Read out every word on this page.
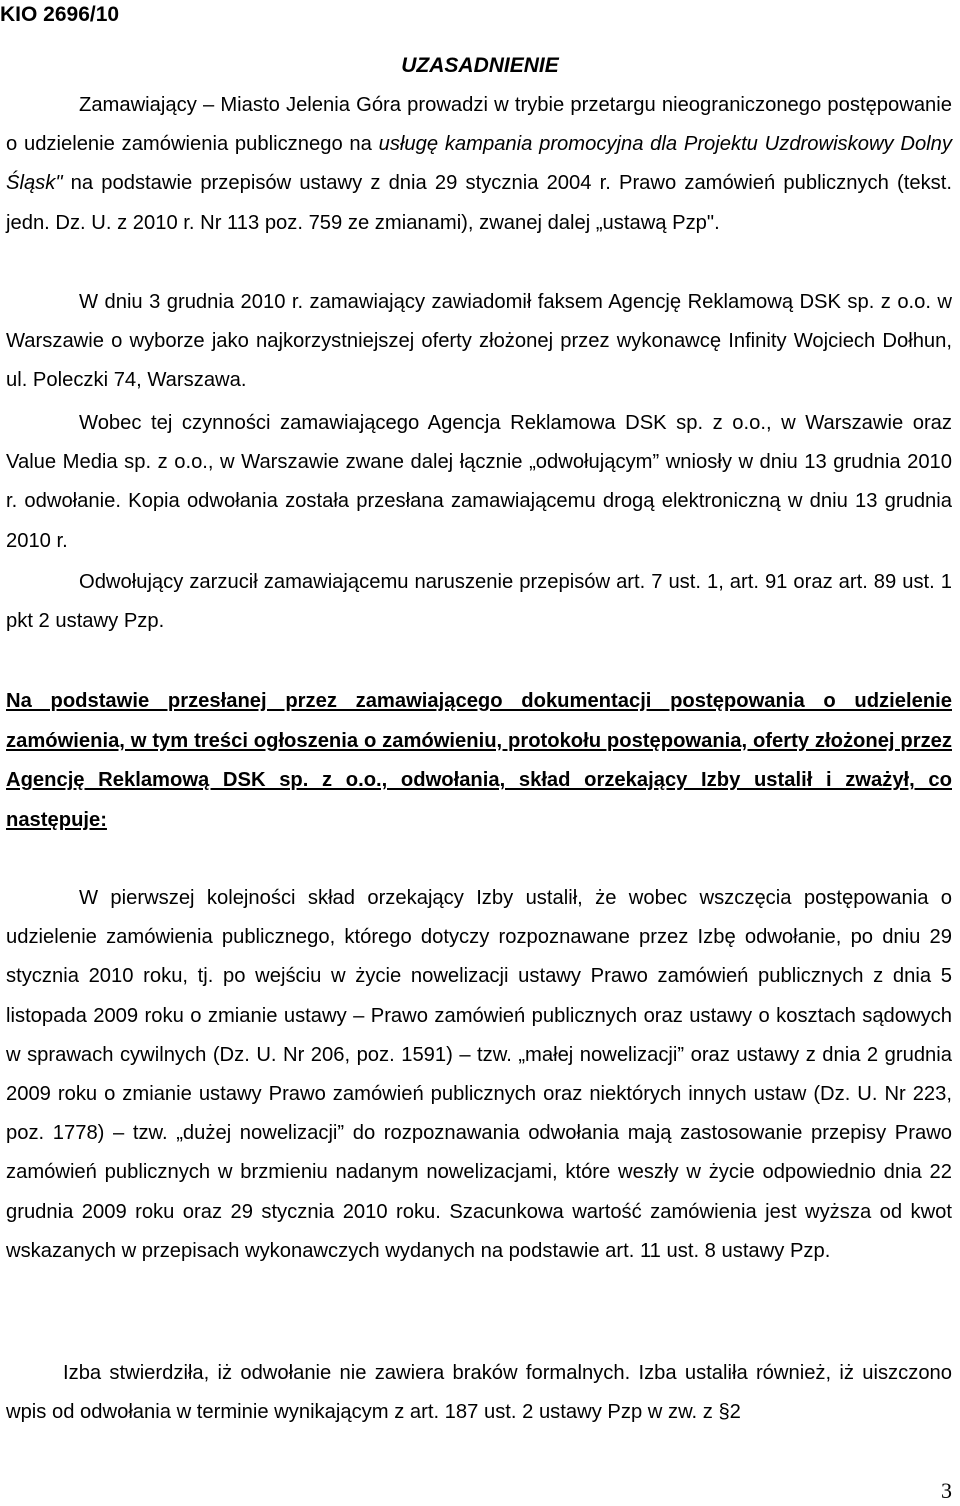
KIO 2696/10
UZASADNIENIE
Zamawiający – Miasto Jelenia Góra prowadzi w trybie przetargu nieograniczonego postępowanie o udzielenie zamówienia publicznego na usługę kampania promocyjna dla Projektu Uzdrowiskowy Dolny Śląsk" na podstawie przepisów ustawy z dnia 29 stycznia 2004 r. Prawo zamówień publicznych (tekst. jedn. Dz. U. z 2010 r. Nr 113 poz. 759 ze zmianami), zwanej dalej „ustawą Pzp".
W dniu 3 grudnia 2010 r. zamawiający zawiadomił faksem Agencję Reklamową DSK sp. z o.o. w Warszawie o wyborze jako najkorzystniejszej oferty złożonej przez wykonawcę Infinity Wojciech Dołhun, ul. Poleczki 74, Warszawa.
Wobec tej czynności zamawiającego Agencja Reklamowa DSK sp. z o.o., w Warszawie oraz Value Media sp. z o.o., w Warszawie zwane dalej łącznie „odwołującym” wniosły w dniu 13 grudnia 2010 r. odwołanie. Kopia odwołania została przesłana zamawiającemu drogą elektroniczną w dniu 13 grudnia 2010 r.
Odwołujący zarzucił zamawiającemu naruszenie przepisów art. 7 ust. 1, art. 91 oraz art. 89 ust. 1 pkt 2 ustawy Pzp.
Na podstawie przesłanej przez zamawiającego dokumentacji postępowania o udzielenie zamówienia, w tym treści ogłoszenia o zamówieniu, protokołu postępowania, oferty złożonej przez Agencję Reklamową DSK sp. z o.o., odwołania, skład orzekający Izby ustalił i zważył, co następuje:
W pierwszej kolejności skład orzekający Izby ustalił, że wobec wszczęcia postępowania o udzielenie zamówienia publicznego, którego dotyczy rozpoznawane przez Izbę odwołanie, po dniu 29 stycznia 2010 roku, tj. po wejściu w życie nowelizacji ustawy Prawo zamówień publicznych z dnia 5 listopada 2009 roku o zmianie ustawy – Prawo zamówień publicznych oraz ustawy o kosztach sądowych w sprawach cywilnych (Dz. U. Nr 206, poz. 1591) – tzw. „małej nowelizacji” oraz ustawy z dnia 2 grudnia 2009 roku o zmianie ustawy Prawo zamówień publicznych oraz niektórych innych ustaw (Dz. U. Nr 223, poz. 1778) – tzw. „dużej nowelizacji” do rozpoznawania odwołania mają zastosowanie przepisy Prawo zamówień publicznych w brzmieniu nadanym nowelizacjami, które weszły w życie odpowiednio dnia 22 grudnia 2009 roku oraz 29 stycznia 2010 roku. Szacunkowa wartość zamówienia jest wyższa od kwot wskazanych w przepisach wykonawczych wydanych na podstawie art. 11 ust. 8 ustawy Pzp.
Izba stwierdziła, iż odwołanie nie zawiera braków formalnych. Izba ustaliła również, iż uiszczono wpis od odwołania w terminie wynikającym z art. 187 ust. 2 ustawy Pzp w zw. z §2
3
